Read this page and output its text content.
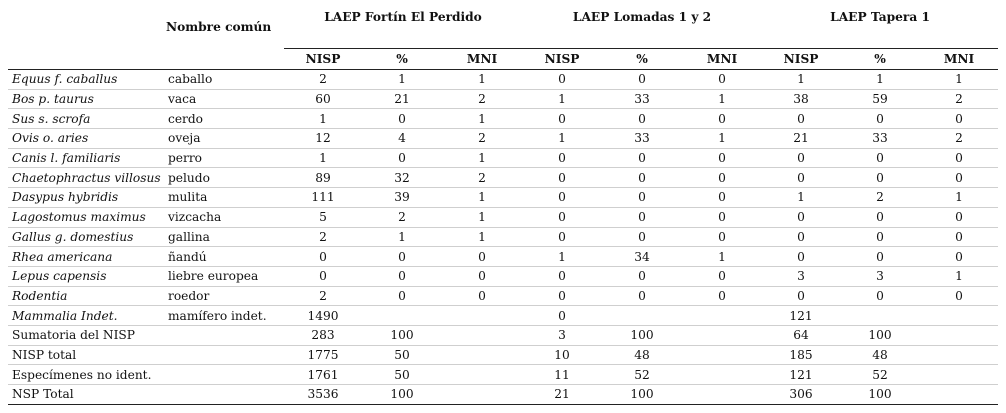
	Nombre común	LAEP Fortín El Perdido			LAEP Lomadas 1 y 2			LAEP Tapera 1		
		NISP	%	MNI	NISP	%	MNI	NISP	%	MNI
Equus f. caballus	caballo	2	1	1	0	0	0	1	1	1
Bos p. taurus	vaca	60	21	2	1	33	1	38	59	2
Sus s. scrofa	cerdo	1	0	1	0	0	0	0	0	0
Ovis o. aries	oveja	12	4	2	1	33	1	21	33	2
Canis l. familiaris	perro	1	0	1	0	0	0	0	0	0
Chaetophractus villosus	peludo	89	32	2	0	0	0	0	0	0
Dasypus hybridis	mulita	111	39	1	0	0	0	1	2	1
Lagostomus maximus	vizcacha	5	2	1	0	0	0	0	0	0
Gallus g. domestius	gallina	2	1	1	0	0	0	0	0	0
Rhea americana	ñandú	0	0	0	1	34	1	0	0	0
Lepus capensis	liebre europea	0	0	0	0	0	0	3	3	1
Rodentia	roedor	2	0	0	0	0	0	0	0	0
Mammalia Indet.	mamífero indet.	1490			0			121		
Sumatoria del NISP		283	100		3	100		64	100	
NISP total		1775	50		10	48		185	48	
Especímenes no ident.		1761	50		11	52		121	52	
NSP Total		3536	100		21	100		306	100	
